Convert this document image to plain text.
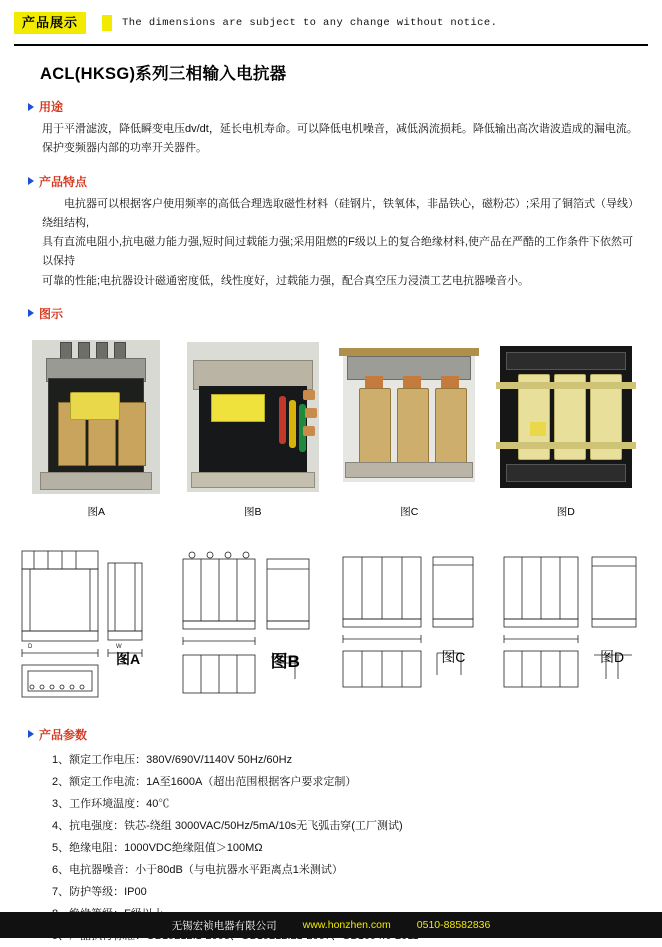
产品展示	The dimensions are subject to any change without notice.
ACL(HKSG)系列三相输入电抗器
用途
用于平滑滤波，降低瞬变电压dv/dt，延长电机寿命。可以降低电机噪音，减低涡流损耗。降低输出高次谐波造成的漏电流。
保护变频器内部的功率开关器件。
产品特点
电抗器可以根据客户使用频率的高低合理选取磁性材料（硅钢片，铁氧体，非晶铁心，磁粉芯）;采用了铜箔式（导线）绕组结构,
具有直流电阻小,抗电磁力能力强,短时间过载能力强;采用阻燃的F级以上的复合绝缘材料,使产品在严酷的工作条件下依然可以保持
可靠的性能;电抗器设计磁通密度低，线性度好，过载能力强，配合真空压力浸渍工艺电抗器噪音小。
图示
图A	图B	图C	图D
D	W
图A	图B	图C	图D
产品参数
1、额定工作电压：380V/690V/1140V 50Hz/60Hz
2、额定工作电流：1A至1600A（超出范围根据客户要求定制）
3、工作环境温度：40℃
4、抗电强度：铁芯-绕组 3000VAC/50Hz/5mA/10s无飞弧击穿(工厂测试)
5、绝缘电阻：1000VDC绝缘阻值＞100MΩ
6、电抗器噪音：小于80dB（与电抗器水平距离点1米测试）
7、防护等级：IP00
无锡宏祯电器有限公司 www.honzhen.com 0510-88582836
